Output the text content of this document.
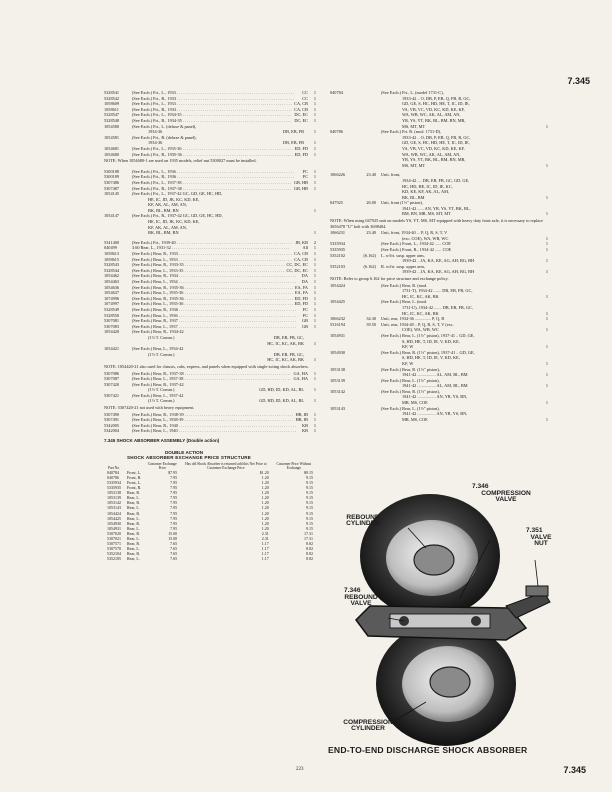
7.345
5328541	(See Exch.) Frt., L., 1933 . . .	CC	1
5328542	(See Exch.) Frt., R., 1933 . . .	CC	1
1058609	(See Exch.) Frt., L., 1933 . . .	CA, CB	1
1058611	(See Exch.) Frt., R., 1933 . . .	CA, CB	1
5328547	(See Exch.) Frt., L., 1934-35 . . .	DC, EC	1
5328548	(See Exch.) Frt., R., 1934-35 . . .	DC, EC	1
1054580	(See Exch.) Frt., L. (deluxe & panel),
1934-36	DB, EB, FB	1
1054581	(See Exch.) Frt., R. (deluxe & panel),
1934-36	DB, EB, FB	1
1054681	(See Exch.) Frt., L., 1935-36 . . .	ED, FD	1
1054680	(See Exch.) Frt., R., 1935-36 . . .	ED, FD	1
NOTE: When 1054680-1 are used on 1935 models, relief nut 5300027 must be installed.
5300188	(See Exch.) Frt., L., 1936 . . .	FC	1
5300189	(See Exch.) Frt., R., 1936 . . .	FC	1
5307486	(See Exch.) Frt., L., 1937-38 . . .	GB, HB	1
5307487	(See Exch.) Frt., R., 1937-38 . . .	GB, HB	1
1054145	(See Exch.) Frt., L., 1937-42 GC, GD, GE, HC, HD,
HE, IC, JD, JK, KC, KD, KE,
KF, AK, AL, AM, AN,
BK, BL, BM, BN	1
1054147	(See Exch.) Frt., R., 1937-42 GC, GD, GE, HC, HD,
HE, IC, JD, JK, KC, KD, KE,
KF, AK, AL, AM, AN,
BK, BL, BM, BN	1
5341400	(See Exch.) Frt., 1939-40 . . .	JB, KB	2
040499	3.60 Rear, L., 1931-32 . . .	All	1
1058613	(See Exch.) Rear, R., 1933 . . .	CA, CB	1
1058615	(See Exch.) Rear, L., 1933 . . .	CA, CB	1
5328543	(See Exch.) Rear, R., 1933-35 . . .	CC, DC, EC	1
5328544	(See Exch.) Rear, L., 1933-35 . . .	CC, DC, EC	1
1054462	(See Exch.) Rear, R., 1934 . . .	DA	1
1054463	(See Exch.) Rear, L., 1934 . . .	DA	1
1054636	(See Exch.) Rear, R., 1935-36 . . .	EA, FA	1
1054637	(See Exch.) Rear, L., 1935-36 . . .	EA, FA	1
1074996	(See Exch.) Rear, R., 1935-36 . . .	ED, FD	1
1074997	(See Exch.) Rear, L., 1935-36 . . .	ED, FD	1
5328549	(See Exch.) Rear, R., 1936 . . .	FC	1
5328550	(See Exch.) Rear, L., 1936 . . .	FC	1
5307081	(See Exch.) Rear, R., 1937 . . .	GB	1
5307083	(See Exch.) Rear, L., 1937 . . .	GB	1
1054420	(See Exch.) Rear, R., 1934-42
(1½ T. Comm.)	DB, EB, FB, GC,
HC, IC, KC, AK, BK	1
1054421	(See Exch.) Rear, L., 1934-42
(1½ T. Comm.)	DB, EB, FB, GC,
HC, IC, KC, AK, BK	1
NOTE: 1054420-21 also used for chassis, cabs, express, and panels when equipped with single-acting shock absorbers.
5307086	(See Exch.) Rear, R., 1937-38 . . .	GA, HA	1
5307087	(See Exch.) Rear, L., 1937-38 . . .	GA, HA	1
5307420	(See Exch.) Rear, R., 1937-42
(1½ T. Comm.)	GD, HD, ID, KD, AL, BL	1
5307421	(See Exch.) Rear, L., 1937-42
(1½ T. Comm.)	GD, HD, ID, KD, AL, BL	1
NOTE: 5307420-21 not used with heavy equipment.
5307490	(See Exch.) Rear, R., 1938-39 . . .	HB, IB	1
5307491	(See Exch.) Rear, L., 1938-39 . . .	HB, IB	1
5342005	(See Exch.) Rear, R., 1940 . . .	KB	1
5342004	(See Exch.) Rear, L., 1940 . . .	KB	1
7.345 SHOCK ABSORBER ASSEMBLY (Double action)
DOUBLE ACTION
SHOCK ABSORBER EXCHANGE PRICE STRUCTURE
Part No.		Customer Exchange Price	Has old Shock Absorber is returned add this Net Price to Customer Exchange Price	Customer Price Without Exchange
040784	Front, L.	$7.95	$1.20	$9.15
040786	Front, R.	7.95	1.20	9.15
5335934	Front, L.	7.95	1.20	9.15
5335935	Front, R.	7.95	1.20	9.15
1053138	Rear, R.	7.95	1.20	9.15
1053139	Rear, L.	7.95	1.20	9.15
1053142	Rear, R.	7.95	1.20	9.15
1053143	Rear, L.	7.95	1.20	9.15
1054424	Rear, R.	7.95	1.20	9.15
1054425	Rear, L.	7.95	1.20	9.15
1054930	Rear, R.	7.95	1.20	9.15
1054931	Rear, L.	7.95	1.20	9.15
5307020	Rear, R.	15.00	2.31	17.31
5307021	Rear, L.	15.00	2.31	17.31
5307571	Rear, R.	7.65	1.17	8.82
5307570	Rear, L.	7.65	1.17	8.82
5352104	Rear, R.	7.65	1.17	8.82
5352105	Rear, L.	7.65	1.17	8.82
040784	(See Exch.) Frt., L. (model 1731-C),
1933-42 .. O, DB, P, EB, Q, FB, R, GC,
GD, GE, S, HC, HD, HE, T, IC, ID, IE,
VA, VB, VC, VD, KC, KD, KE, KF,
WA, WB, WC, AK, AL, AM, AN,
YR, YS, YT, BK, BL, BM, BN, MR,
MS, MT, MT	1
040786	(See Exch.) Frt. R. (mod. 1731-D),
1933-42 .. O, DB, P, EB, Q, FB, R, GC,
GD, GE, S, HC, HD, HE, T, IC, ID, IE,
VA, VB, VC, VD, KC, KD, KE, KF,
WA, WB, WC, AK, AL, AM, AN,
YR, YS, YT, BK, BL, BM, BN, MR,
MS, MT, MT	1
1066226	23.40	Unit, front,
1934-42 .... DB, EB, FB, GC, GD, GE,
HC, HD, HE, IC, ID, IE, KC,
KD, KE, KF, AK, AL, AM,
BK, BL, BM	1
047925	26.00	Unit, front (1½" piston),
1941-42 ...... AN, YR, YS, YT, BK, BL,
BM, BN, MR, MS, MT, MT	1
NOTE: When using 047925 unit on models YS, YT, MS, MT equipped with heavy duty front axle, it is necessary to replace 3656478 "U" bolt with 3698404.
1066231	23.40	Unit, front, 1934-40 ... P, Q, R, S, T, V
(exc. COE), WA, WB, WC	1
5335934	(See Exch.) Front, L., 1934-42 ...... COE	1
5335935	(See Exch.) Front, R., 1934-42 ...... COE	1
5352102	(6.162)	L. w/frt. susp. upper arm,
1939-42 .. JA, KA, KE, AG, AH, BG, BH	1
5352103	(6.162)	R. w/frt. susp. upper arm,
1939-42 .. JA, KA, KE, AG, AH, BG, BH	1
NOTE: Refer to group 6.162 for price structure and exchange policy.
1054424	(See Exch.) Rear, R. (mod.
1731-T), 1934-42 ....... DB, EB, FB, GC,
HC, IC, KC, AK, BK	1
1054425	(See Exch.) Rear, L. (mod.
1731-U), 1934-42 ....... DB, EB, FB, GC,
HC, IC, KC, AK, BK	1
1066232	34.30	Unit, rear, 1934-36 ............... P, Q, R	1
5316194	39.50	Unit, rear, 1934-40 .. P, Q, R, S, T, V (exc.
COE), WA, WB, WC	1
1054931	(See Exch.) Rear, L. (1½" piston), 1937-41 .. GD, GE,
S, HD, HE, T, ID, IE, V, KD, KE,
KF, W	1
1054930	(See Exch.) Rear, R. (1½" piston), 1937-41 .. GD, GE,
S, HD, HE, T, ID, IE, V, KD, KE,
KF, W	1
1053138	(See Exch.) Rear, R. (1½" piston),
1941-42 ................. AL, AM, BL, BM	1
1053139	(See Exch.) Rear, L. (1½" piston),
1941-42 ................. AL, AM, BL, BM	1
1053142	(See Exch.) Rear, R. (1½" piston),
1941-42 ................. AN, YR, YS, BN,
MR, MS, COE	1
1053143	(See Exch.) Rear, L. (1½" piston),
1941-42 ................. AN, YR, YS, BN,
MR, MS, COE	1
REBOUND CYLINDER
7.346
COMPRESSION VALVE
7.351
VALVE NUT
7.346
REBOUND VALVE
COMPRESSION CYLINDER
END-TO-END DISCHARGE SHOCK ABSORBER
223	7.345
